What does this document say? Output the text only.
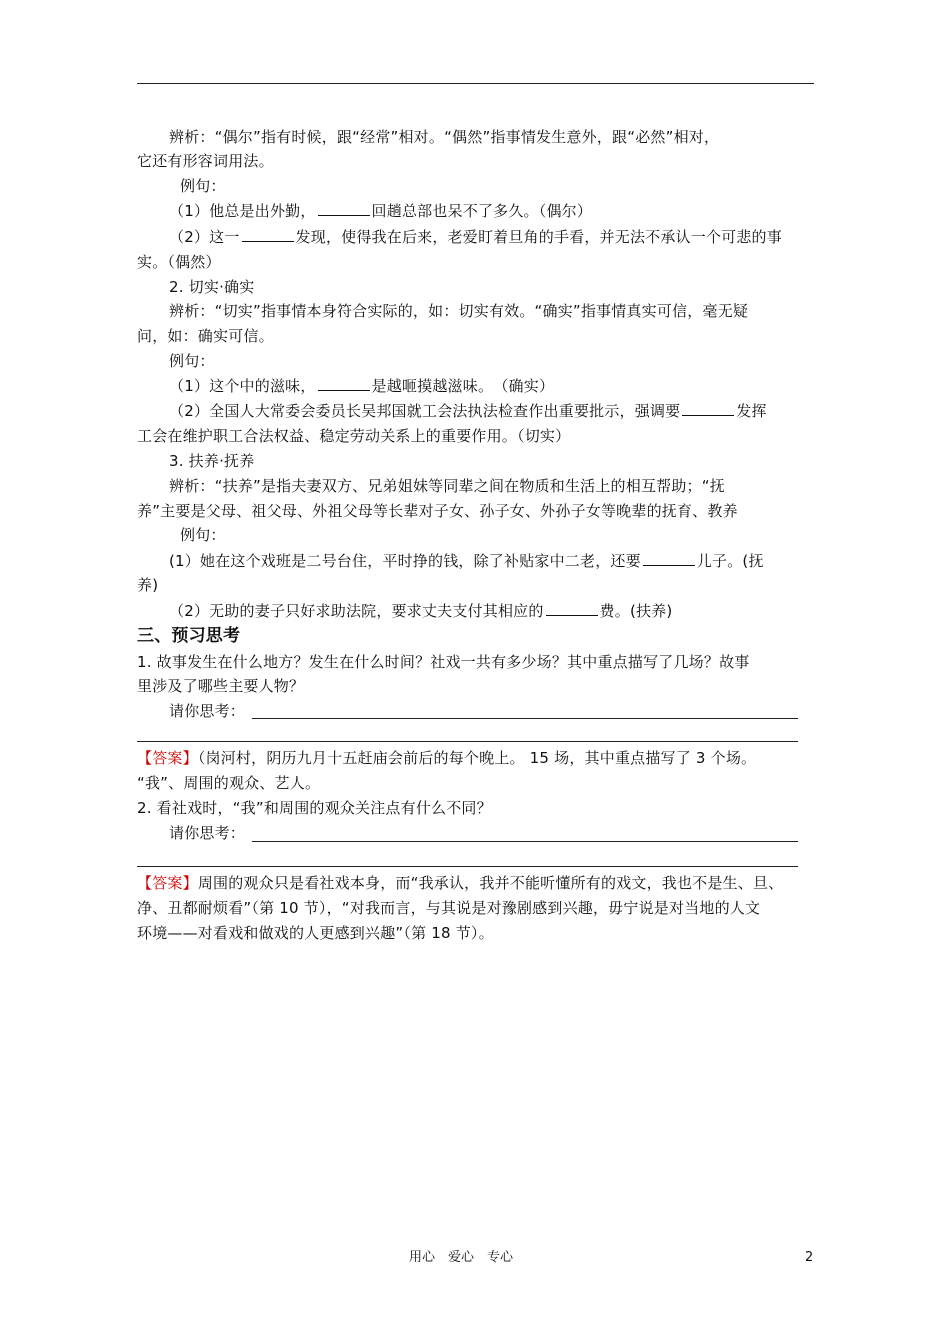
辨析：“偶尔”指有时候，跟“经常”相对。“偶然”指事情发生意外，跟“必然”相对，
它还有形容词用法。
例句：
（1）他总是出外勤，	回趟总部也呆不了多久。（偶尔）
（2）这一	发现，使得我在后来，老爱盯着旦角的手看，并无法不承认一个可悲的事
实。（偶然）
2. 切实·确实
辨析：“切实”指事情本身符合实际的，如：切实有效。“确实”指事情真实可信，毫无疑
问，如：确实可信。
例句：
（1）这个中的滋味，	是越咂摸越滋味。　（确实）
（2）全国人大常委会委员长吴邦国就工会法执法检查作出重要批示，强调要	发挥
工会在维护职工合法权益、稳定劳动关系上的重要作用。（切实）
3. 扶养·抚养
辨析：“扶养”是指夫妻双方、兄弟姐妹等同辈之间在物质和生活上的相互帮助；“抚
养”主要是父母、祖父母、外祖父母等长辈对子女、孙子女、外孙子女等晚辈的抚育、教养
例句：
(1）她在这个戏班是二号台住，平时挣的钱，除了补贴家中二老，还要	儿子。(抚
养)
（2）无助的妻子只好求助法院，要求丈夫支付其相应的	费。(扶养)
三、预习思考
1. 故事发生在什么地方？发生在什么时间？社戏一共有多少场？其中重点描写了几场？故事
里涉及了哪些主要人物？
请你思考：
【答案】（岗河村，阴历九月十五赶庙会前后的每个晚上。 15 场，其中重点描写了 3 个场。
“我”、周围的观众、艺人。
2. 看社戏时，“我”和周围的观众关注点有什么不同？
请你思考：
【答案】周围的观众只是看社戏本身，而“我承认，我并不能听懂所有的戏文，我也不是生、旦、
净、丑都耐烦看”（第 10 节），“对我而言，与其说是对豫剧感到兴趣，毋宁说是对当地的人文
环境——对看戏和做戏的人更感到兴趣”（第 18 节）。
用心　爱心　专心	2
